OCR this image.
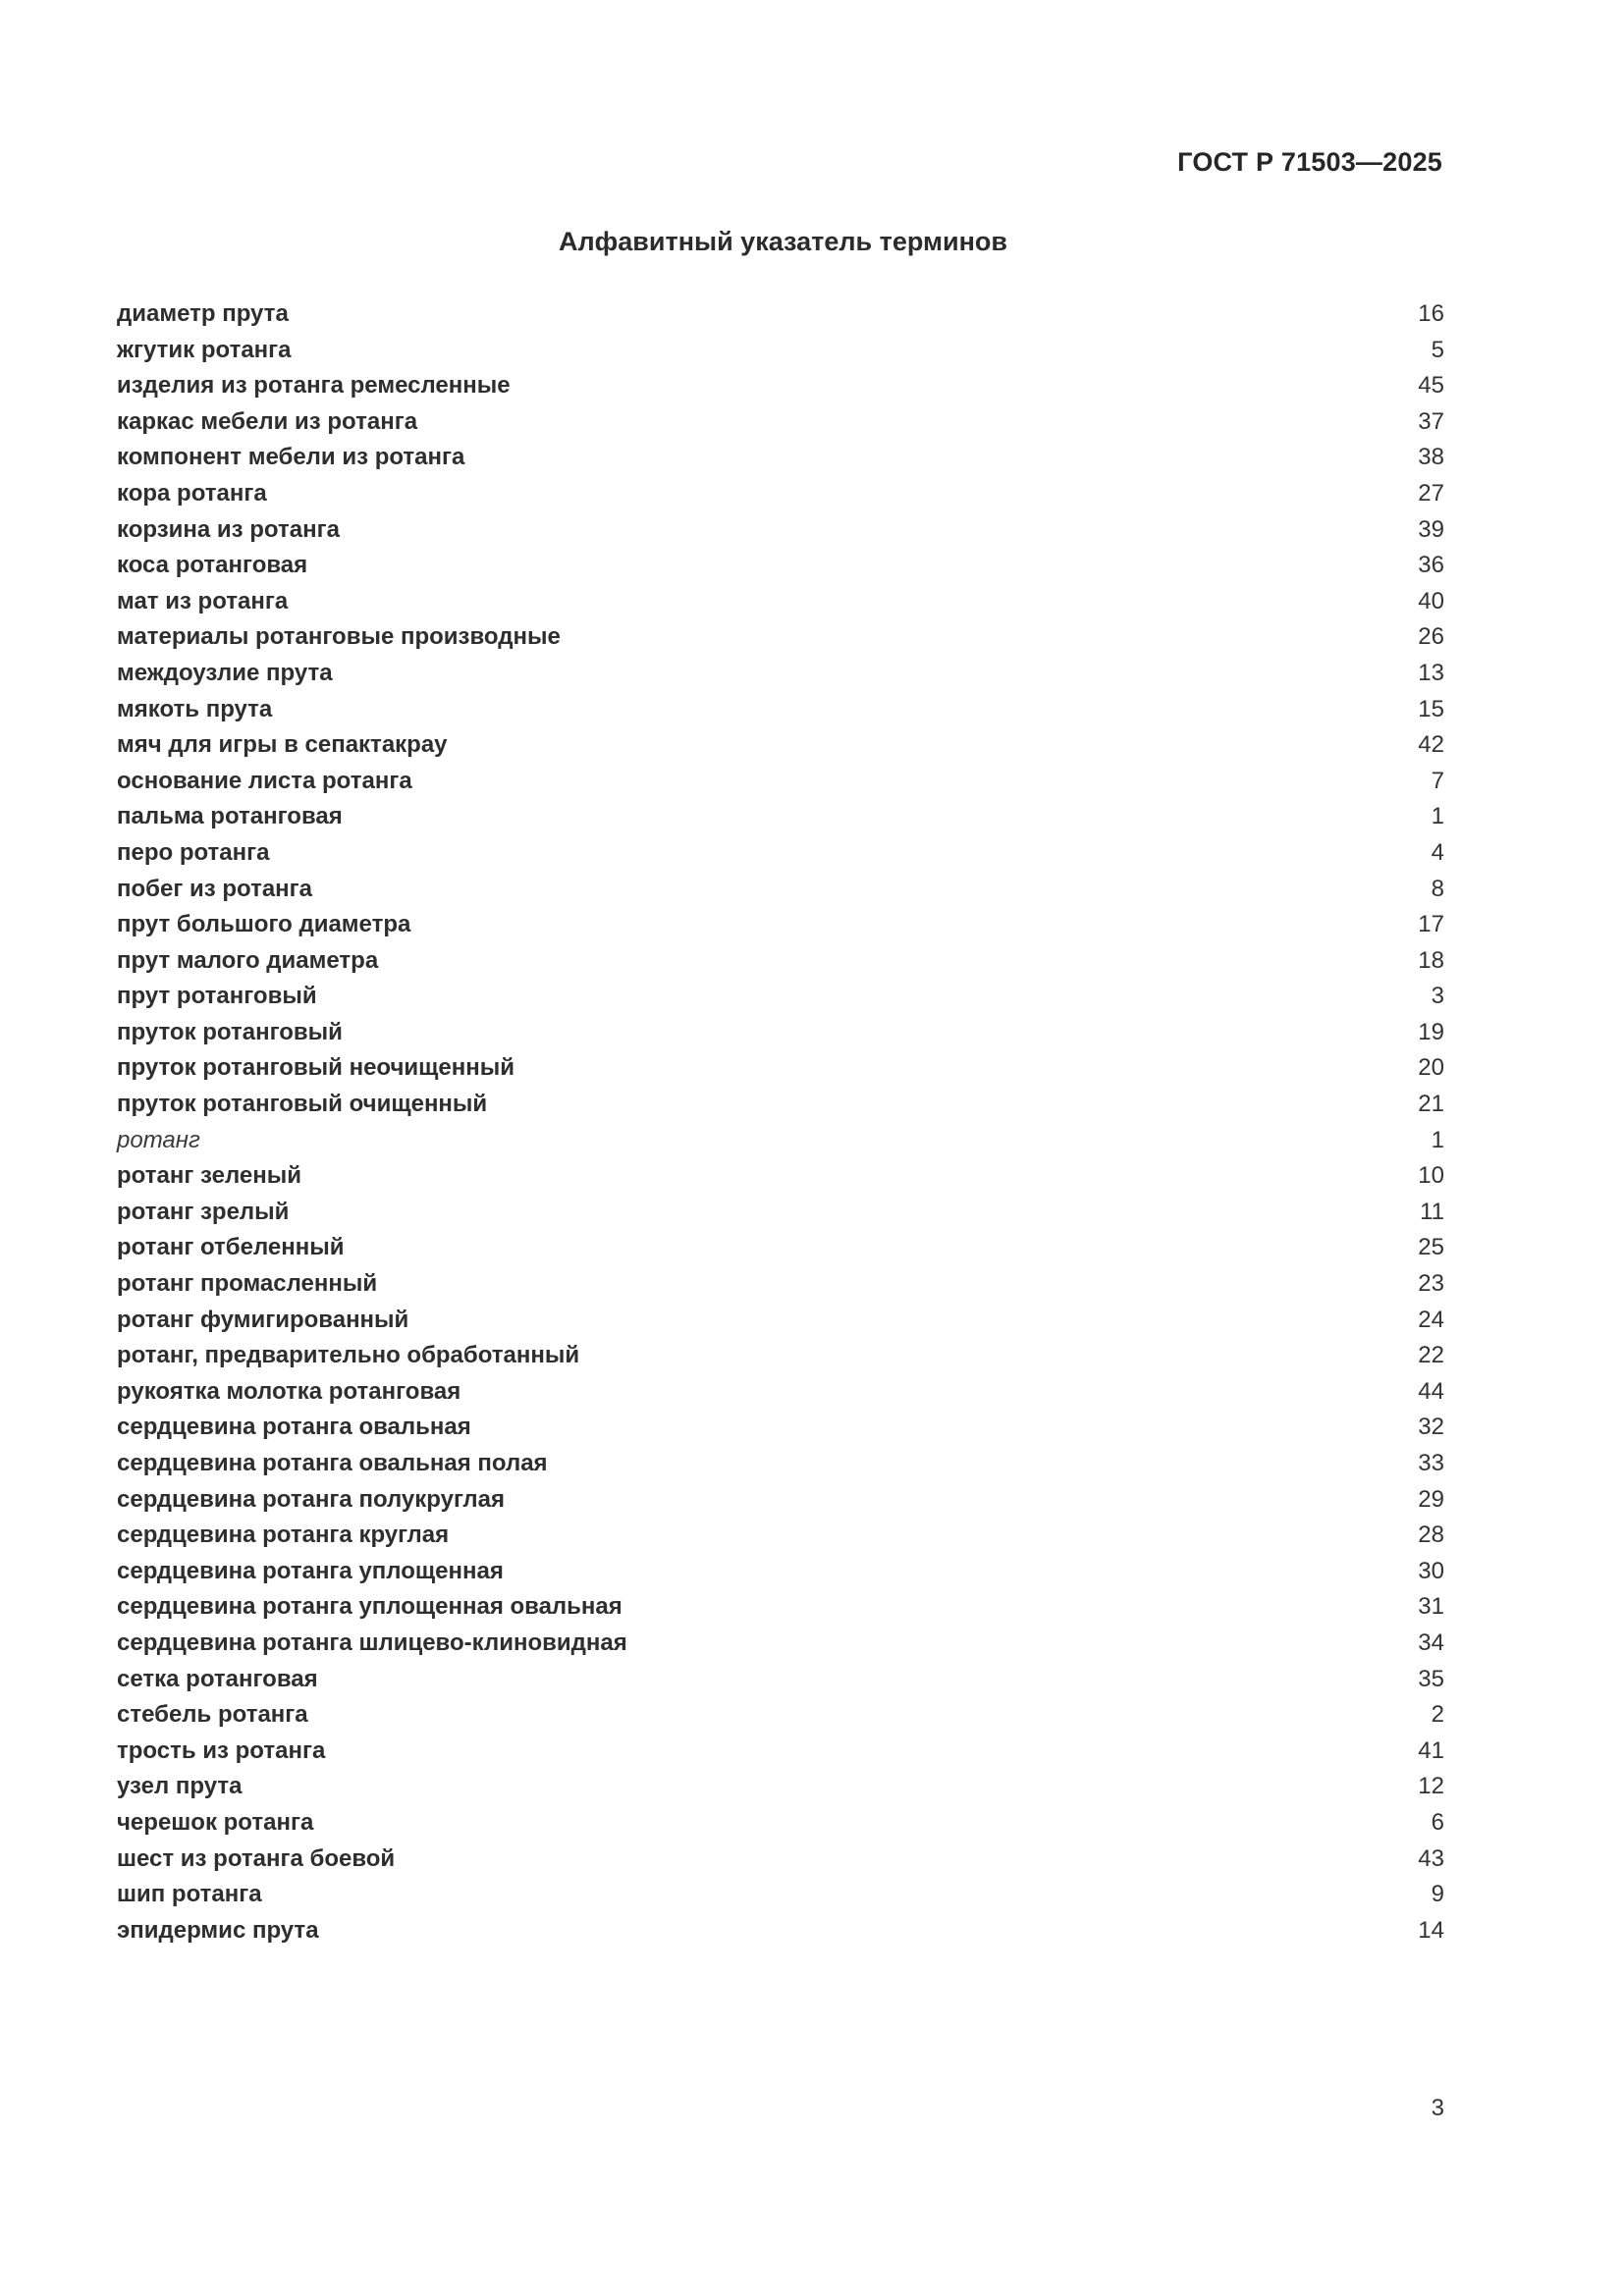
ГОСТ Р 71503—2025
Алфавитный указатель терминов
диаметр прута	16
жгутик ротанга	5
изделия из ротанга ремесленные	45
каркас мебели из ротанга	37
компонент мебели из ротанга	38
кора ротанга	27
корзина из ротанга	39
коса ротанговая	36
мат из ротанга	40
материалы ротанговые производные	26
междоузлие прута	13
мякоть прута	15
мяч для игры в сепактакрау	42
основание листа ротанга	7
пальма ротанговая	1
перо ротанга	4
побег из ротанга	8
прут большого диаметра	17
прут малого диаметра	18
прут ротанговый	3
пруток ротанговый	19
пруток ротанговый неочищенный	20
пруток ротанговый очищенный	21
ротанг	1
ротанг зеленый	10
ротанг зрелый	11
ротанг отбеленный	25
ротанг промасленный	23
ротанг фумигированный	24
ротанг, предварительно обработанный	22
рукоятка молотка ротанговая	44
сердцевина ротанга овальная	32
сердцевина ротанга овальная полая	33
сердцевина ротанга полукруглая	29
сердцевина ротанга круглая	28
сердцевина ротанга уплощенная	30
сердцевина ротанга уплощенная овальная	31
сердцевина ротанга шлицево-клиновидная	34
сетка ротанговая	35
стебель ротанга	2
трость из ротанга	41
узел прута	12
черешок ротанга	6
шест из ротанга боевой	43
шип ротанга	9
эпидермис прута	14
3
